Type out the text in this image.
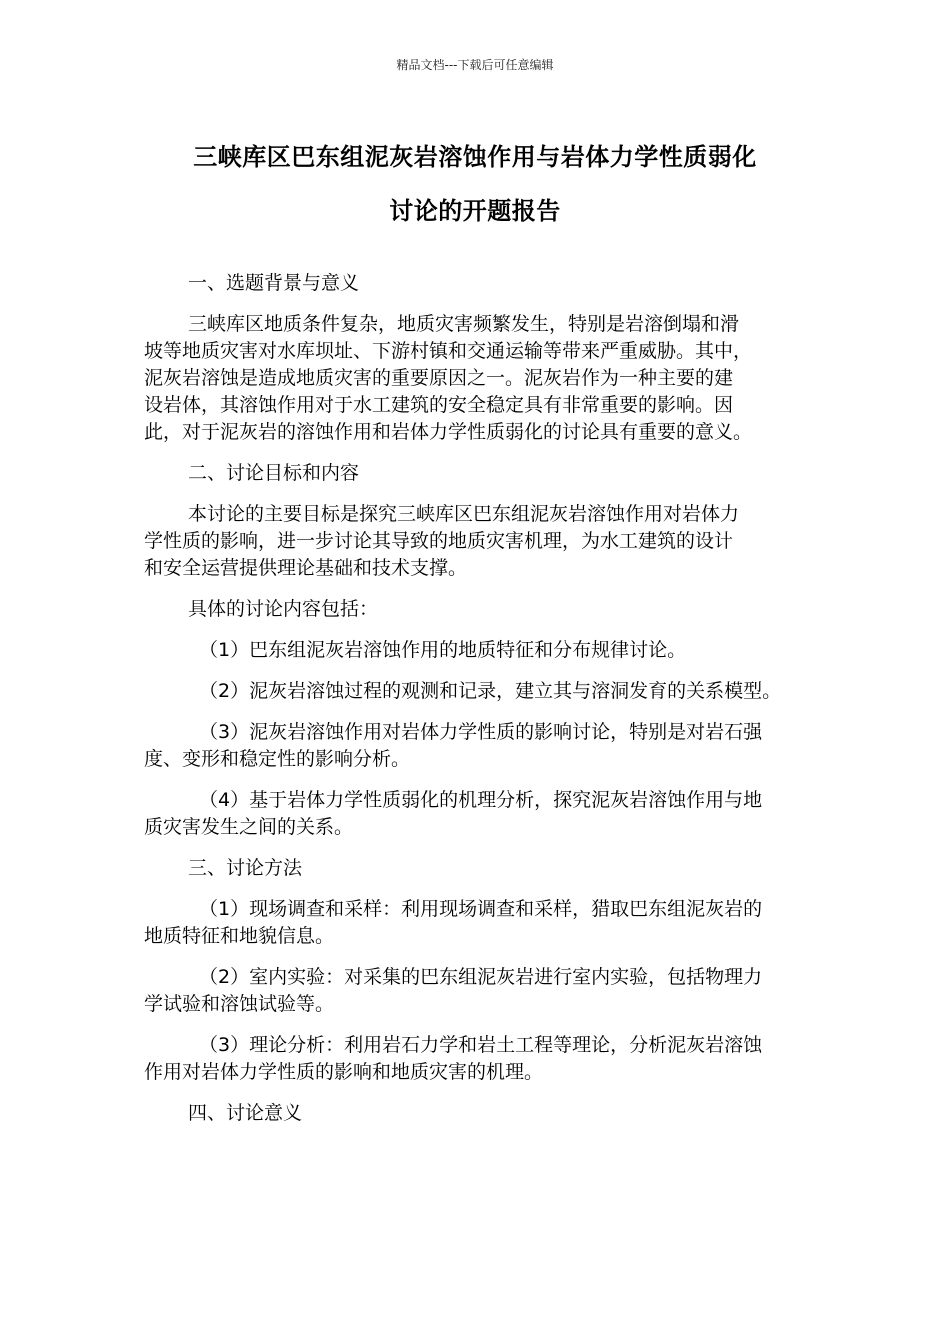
精品文档---下载后可任意编辑
三峡库区巴东组泥灰岩溶蚀作用与岩体力学性质弱化
讨论的开题报告

一、选题背景与意义

三峡库区地质条件复杂，地质灾害频繁发生，特别是岩溶倒塌和滑

坡等地质灾害对水库坝址、下游村镇和交通运输等带来严重威胁。其中，

泥灰岩溶蚀是造成地质灾害的重要原因之一。泥灰岩作为一种主要的建

设岩体，其溶蚀作用对于水工建筑的安全稳定具有非常重要的影响。因

此，对于泥灰岩的溶蚀作用和岩体力学性质弱化的讨论具有重要的意义。

二、讨论目标和内容

本讨论的主要目标是探究三峡库区巴东组泥灰岩溶蚀作用对岩体力

学性质的影响，进一步讨论其导致的地质灾害机理，为水工建筑的设计

和安全运营提供理论基础和技术支撑。

具体的讨论内容包括：

（1）巴东组泥灰岩溶蚀作用的地质特征和分布规律讨论。

（2）泥灰岩溶蚀过程的观测和记录，建立其与溶洞发育的关系模型。

（3）泥灰岩溶蚀作用对岩体力学性质的影响讨论，特别是对岩石强

度、变形和稳定性的影响分析。

（4）基于岩体力学性质弱化的机理分析，探究泥灰岩溶蚀作用与地

质灾害发生之间的关系。

三、讨论方法

（1）现场调查和采样：利用现场调查和采样，猎取巴东组泥灰岩的

地质特征和地貌信息。

（2）室内实验：对采集的巴东组泥灰岩进行室内实验，包括物理力

学试验和溶蚀试验等。

（3）理论分析：利用岩石力学和岩土工程等理论，分析泥灰岩溶蚀

作用对岩体力学性质的影响和地质灾害的机理。

四、讨论意义
